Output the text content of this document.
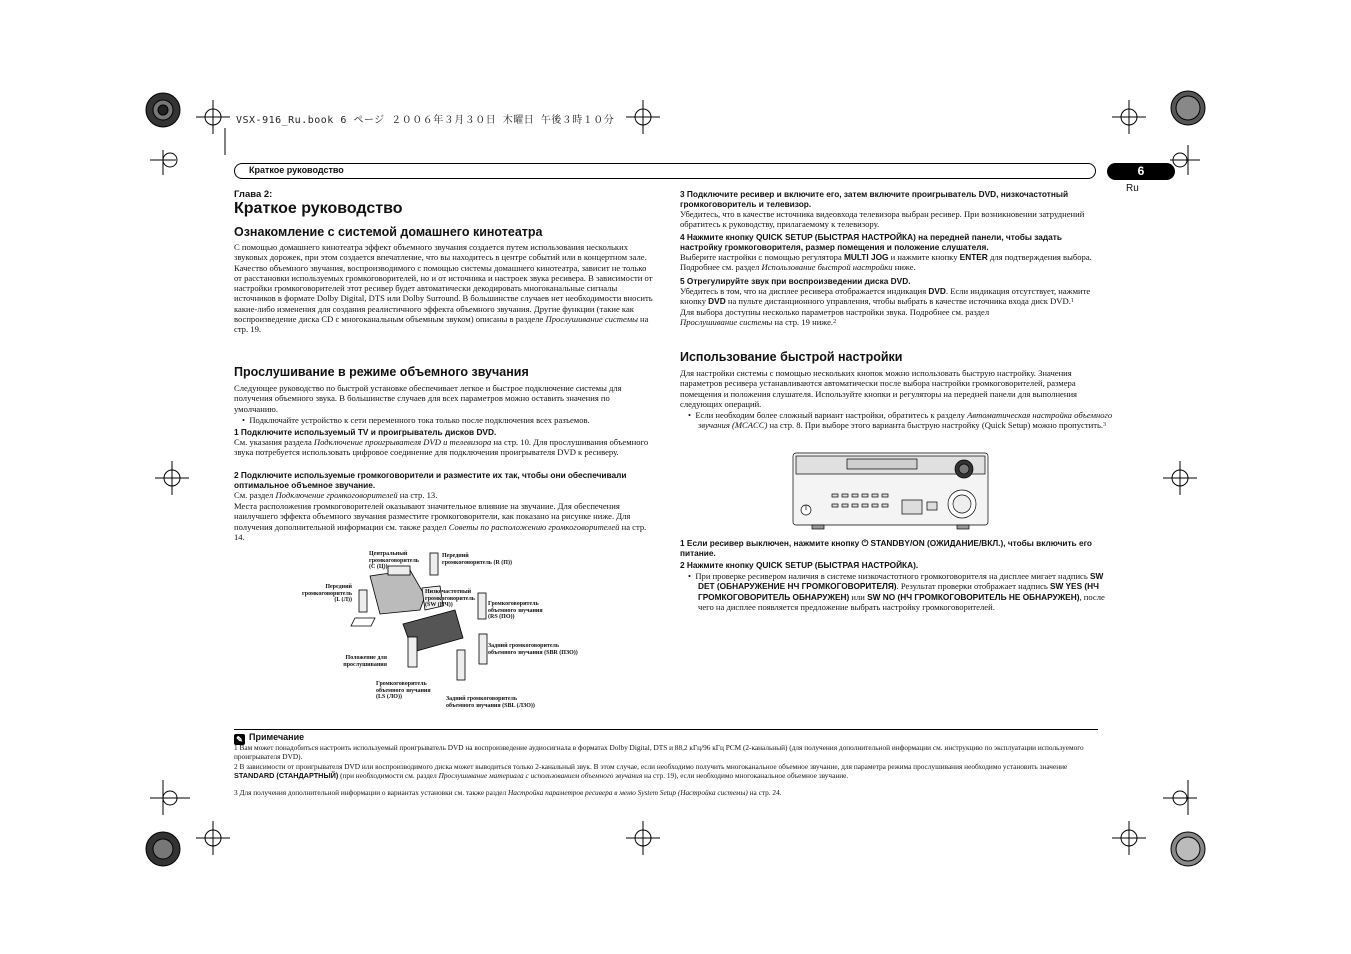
VSX-916_Ru.book 6 ページ ２００６年３月３０日 木曜日 午後３時１０分
Краткое руководство	6
Ru
Глава 2:
Краткое руководство
Ознакомление с системой домашнего кинотеатра
С помощью домашнего кинотеатра эффект объемного звучания создается путем использования нескольких звуковых дорожек, при этом создается впечатление, что вы находитесь в центре событий или в концертном зале. Качество объемного звучания, воспроизводимого с помощью системы домашнего кинотеатра, зависит не только от расстановки используемых громкоговорителей, но и от источника и настроек звука ресивера. В зависимости от настройки громкоговорителей этот ресивер будет автоматически декодировать многоканальные сигналы источников в формате Dolby Digital, DTS или Dolby Surround. В большинстве случаев нет необходимости вносить какие-либо изменения для создания реалистичного эффекта объемного звучания. Другие функции (такие как воспроизведение диска CD с многоканальным объемным звуком) описаны в разделе Прослушивание системы на стр. 19.
Прослушивание в режиме объемного звучания
Следующее руководство по быстрой установке обеспечивает легкое и быстрое подключение системы для получения объемного звука. В большинстве случаев для всех параметров можно оставить значения по умолчанию.
•  Подключайте устройство к сети переменного тока только после подключения всех разъемов.
1 Подключите используемый TV и проигрыватель дисков DVD.
См. указания раздела Подключение проигрывателя DVD и телевизора на стр. 10. Для прослушивания объемного звука потребуется использовать цифровое соединение для подключения проигрывателя DVD к ресиверу.
2 Подключите используемые громкоговорители и разместите их так, чтобы они обеспечивали оптимальное объемное звучание.
См. раздел Подключение громкоговорителей на стр. 13.
Места расположения громкоговорителей оказывают значительное влияние на звучание. Для обеспечения наилучшего эффекта объемного звучания разместите громкоговорители, как показано на рисунке ниже. Для получения дополнительной информации см. также раздел Советы по расположению громкоговорителей на стр. 14.
Центральный
громкоговоритель
(C (Ц))
Передний
громкоговоритель (R (П))
Передний
громкоговоритель
(L (Л))
Низкочастотный
громкоговоритель
(SW (НЧ))	Громкоговоритель
объемного звучания
(RS (ПО))
Положение для
прослушивания
Задний громкоговоритель
объемного звучания (SBR (ПЗО))
Громкоговоритель
объемного звучания
(LS (ЛО))	Задний громкоговоритель
объемного звучания (SBL (ЛЗО))
3 Подключите ресивер и включите его, затем включите проигрыватель DVD, низкочастотный громкоговоритель и телевизор.
Убедитесь, что в качестве источника видеовхода телевизора выбран ресивер. При возникновении затруднений обратитесь к руководству, прилагаемому к телевизору.
4 Нажмите кнопку QUICK SETUP (БЫСТРАЯ НАСТРОЙКА) на передней панели, чтобы задать настройку громкоговорителя, размер помещения и положение слушателя.
Выберите настройки с помощью регулятора MULTI JOG и нажмите кнопку ENTER для подтверждения выбора. Подробнее см. раздел Использование быстрой настройки ниже.
5 Отрегулируйте звук при воспроизведении диска DVD.
Убедитесь в том, что на дисплее ресивера отображается индикация DVD. Если индикация отсутствует, нажмите кнопку DVD на пульте дистанционного управления, чтобы выбрать в качестве источника входа диск DVD.$^1$
Для выбора доступны несколько параметров настройки звука. Подробнее см. раздел
Прослушивание системы на стр. 19 ниже.$^2$
Использование быстрой настройки
Для настройки системы с помощью нескольких кнопок можно использовать быструю настройку. Значения параметров ресивера устанавливаются автоматически после выбора настройки громкоговорителей, размера помещения и положения слушателя. Используйте кнопки и регуляторы на передней панели для выполнения следующих операций.
•  Если необходим более сложный вариант настройки, обратитесь к разделу Автоматическая настройка объемного звучания (MCACC) на стр. 8. При выборе этого варианта быструю настройку (Quick Setup) можно пропустить.$^3$
1 Если ресивер выключен, нажмите кнопку ⏻ STANDBY/ON (ОЖИДАНИЕ/ВКЛ.), чтобы включить его питание.
2 Нажмите кнопку QUICK SETUP (БЫСТРАЯ НАСТРОЙКА).
•  При проверке ресивером наличия в системе низкочастотного громкоговорителя на дисплее мигает надпись SW DET (ОБНАРУЖЕНИЕ НЧ ГРОМКОГОВОРИТЕЛЯ). Результат проверки отображает надпись SW YES (НЧ ГРОМКОГОВОРИТЕЛЬ ОБНАРУЖЕН) или SW NO (НЧ ГРОМКОГОВОРИТЕЛЬ НЕ ОБНАРУЖЕН), после чего на дисплее появляется предложение выбрать настройку громкоговорителей.
✎ Примечание
1 Вам может понадобиться настроить используемый проигрыватель DVD на воспроизведение аудиосигнала в форматах Dolby Digital, DTS и 88,2 кГц/96 кГц PCM (2-канальный) (для получения дополнительной информации см. инструкцию по эксплуатации используемого проигрывателя DVD).
2 В зависимости от проигрывателя DVD или воспроизводимого диска может выводиться только 2-канальный звук. В этом случае, если необходимо получить многоканальное объемное звучание, для параметра режима прослушивания необходимо установить значение STANDARD (СТАНДАРТНЫЙ) (при необходимости см. раздел Прослушивание материала с использованием объемного звучания на стр. 19), если необходимо многоканальное объемное звучание.
3 Для получения дополнительной информации о вариантах установки см. также раздел Настройка параметров ресивера в меню System Setup (Настройка системы) на стр. 24.
